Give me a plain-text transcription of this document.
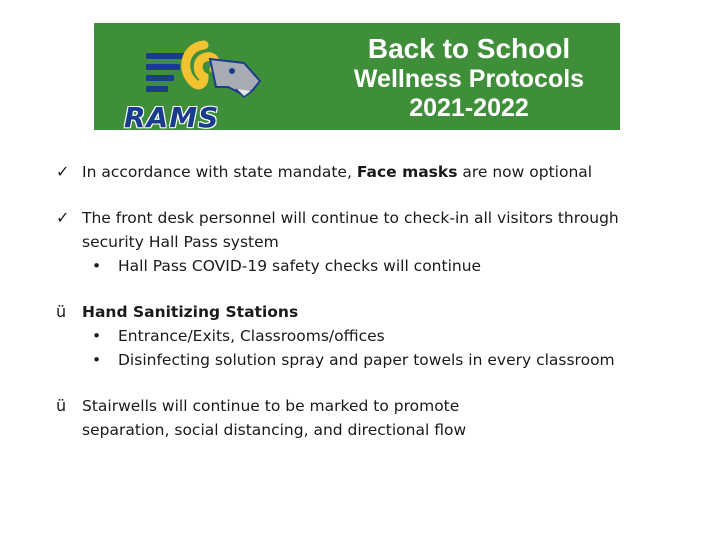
RAMS
Back to School
Wellness Protocols
2021-2022
✓ In accordance with state mandate, Face masks are now optional
✓ The front desk personnel will continue to check-in all visitors through
security Hall Pass system
• Hall Pass COVID-19 safety checks will continue
ü	Hand Sanitizing Stations
• Entrance/Exits, Classrooms/offices
• Disinfecting solution spray and paper towels in every classroom
ü	Stairwells will continue to be marked to promote
separation, social distancing, and directional flow
